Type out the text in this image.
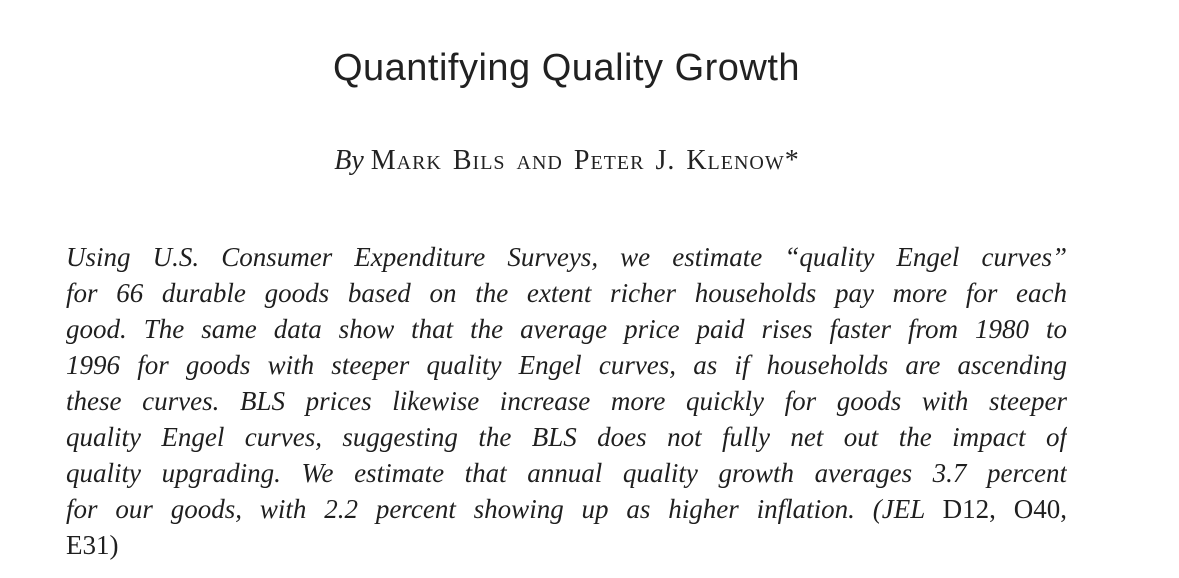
Quantifying Quality Growth
By Mark Bils and Peter J. Klenow*
Using U.S. Consumer Expenditure Surveys, we estimate “quality Engel curves”
for 66 durable goods based on the extent richer households pay more for each
good. The same data show that the average price paid rises faster from 1980 to
1996 for goods with steeper quality Engel curves, as if households are ascending
these curves. BLS prices likewise increase more quickly for goods with steeper
quality Engel curves, suggesting the BLS does not fully net out the impact of
quality upgrading. We estimate that annual quality growth averages 3.7 percent
for our goods, with 2.2 percent showing up as higher inflation. (JEL D12, O40,
E31)
